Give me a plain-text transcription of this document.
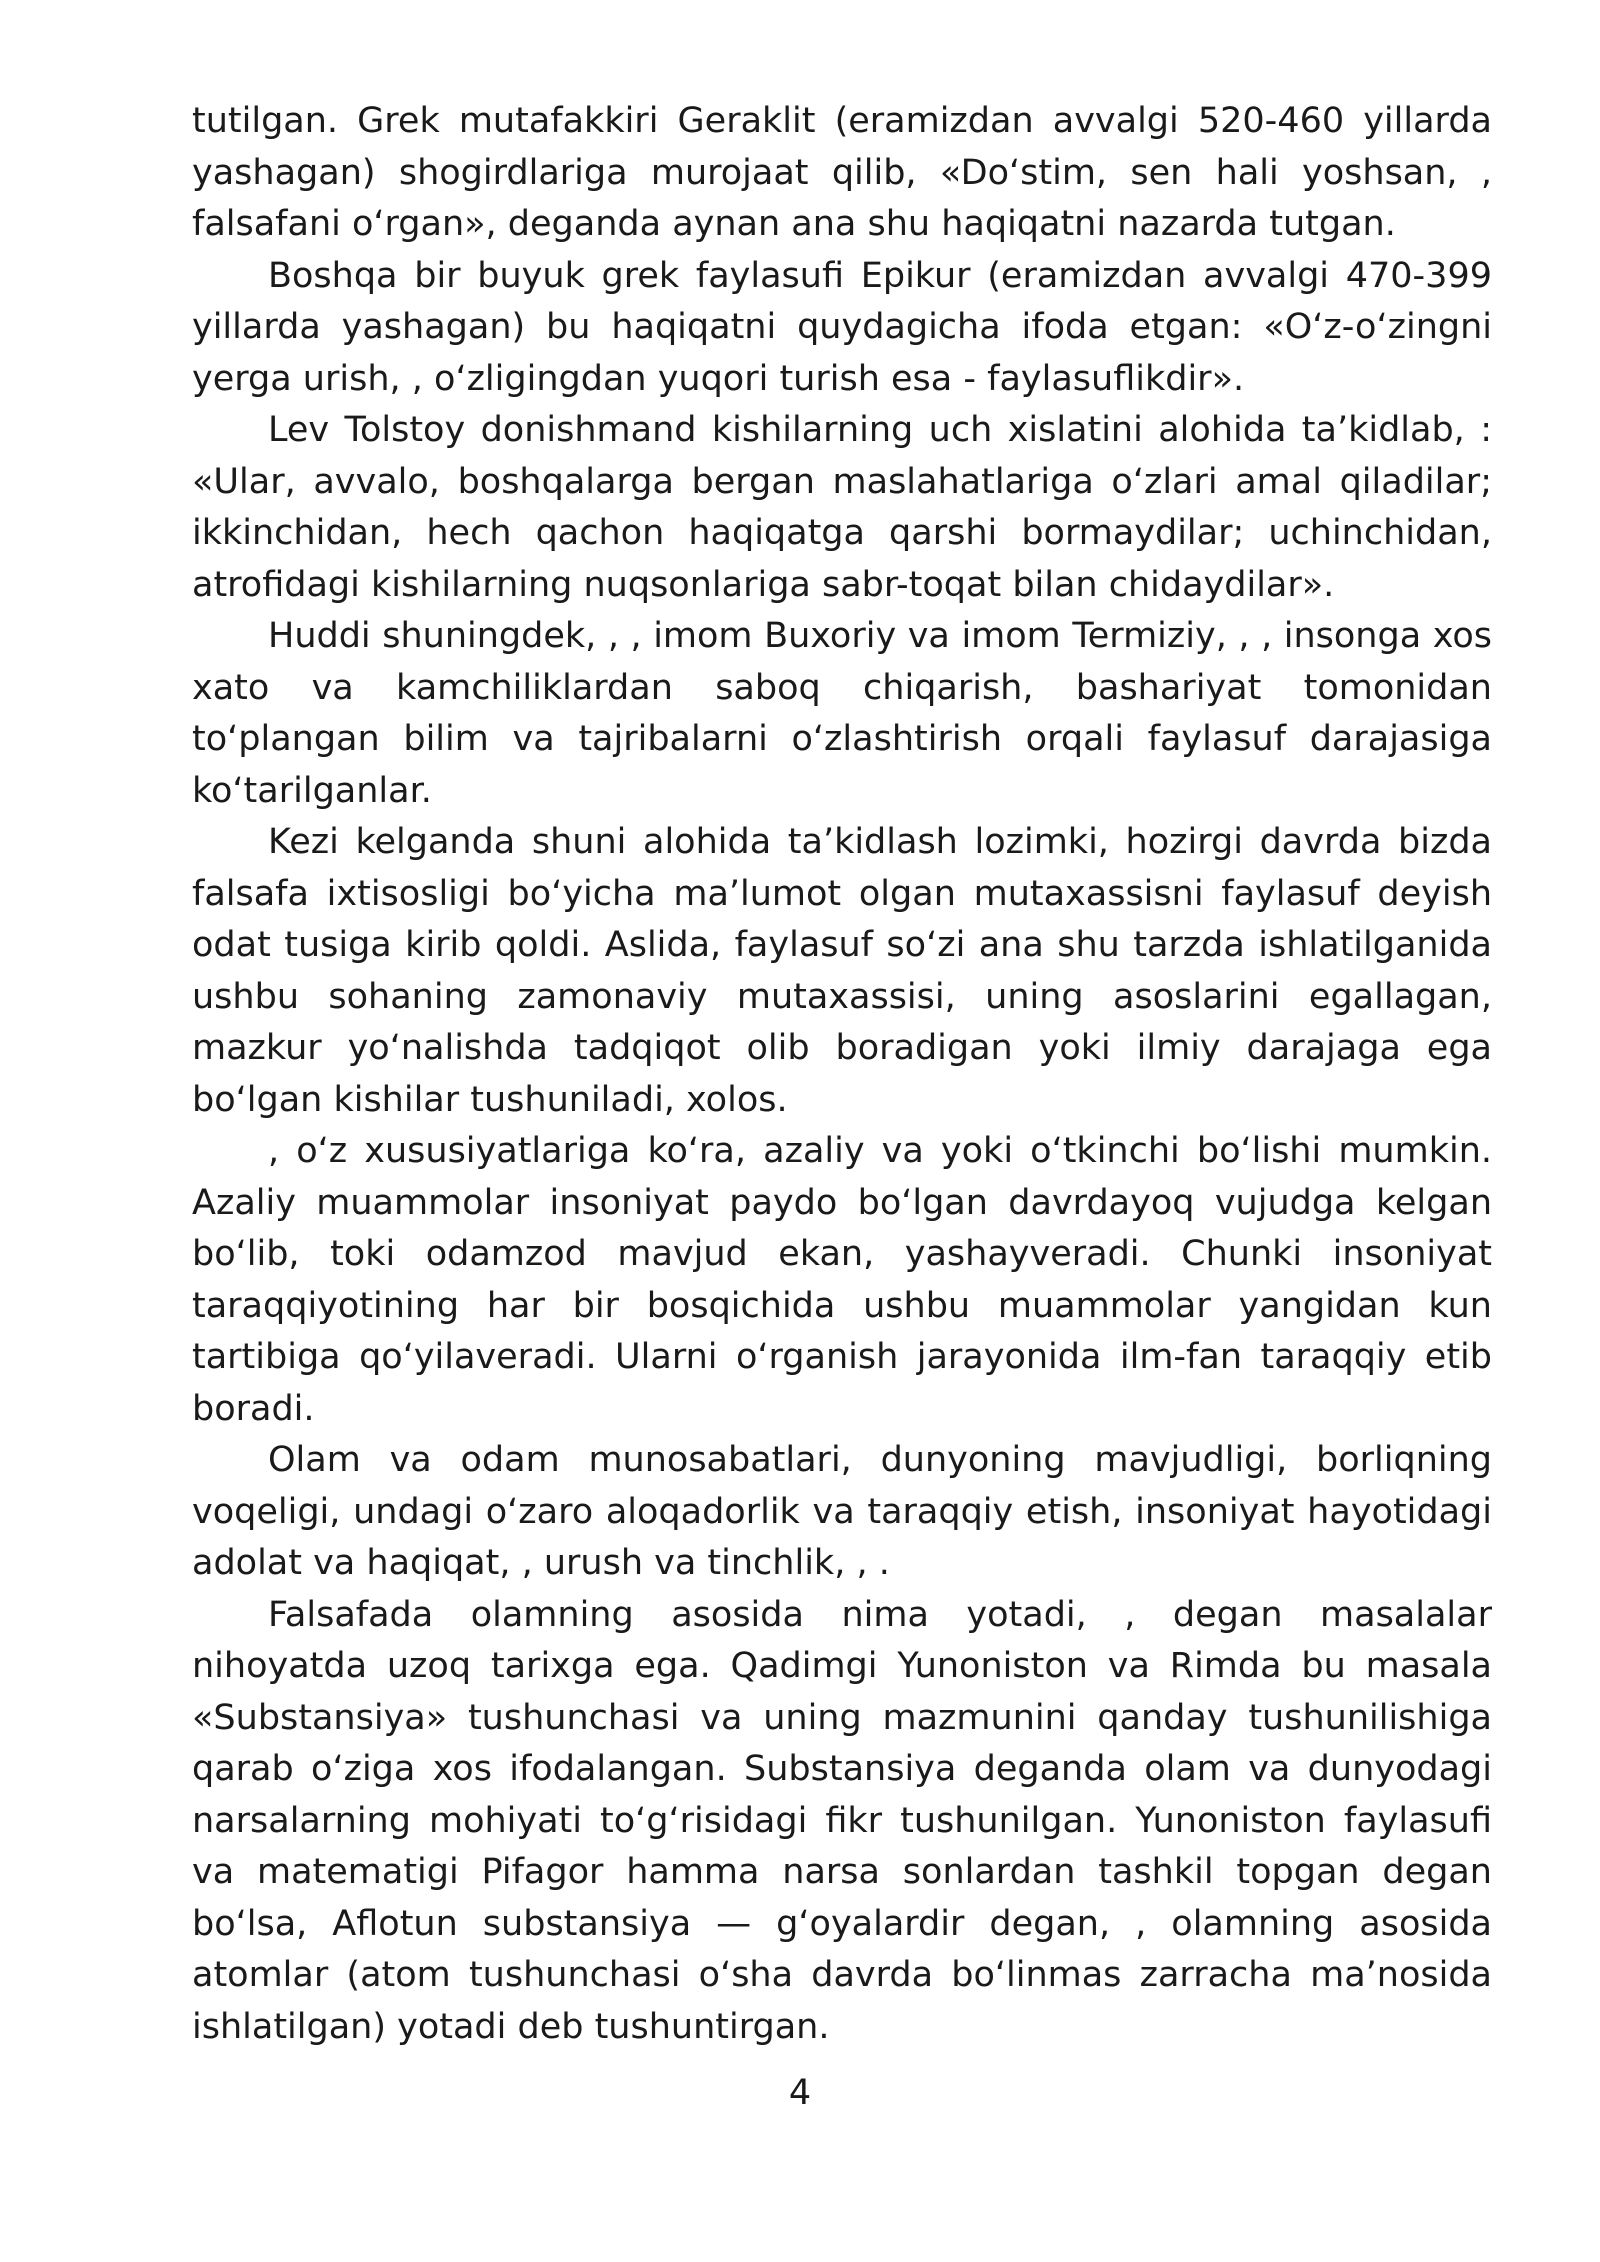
tutilgan. Grek mutafakkiri Geraklit (eramizdan avvalgi 520-460 yillarda yashagan) shogirdlariga murojaat qilib, «Do‘stim, sen hali yoshsan, , falsafani o‘rgan», deganda aynan ana shu haqiqatni nazarda tutgan.

Boshqa bir buyuk grek faylasufi Epikur (eramizdan avvalgi 470-399 yillarda yashagan) bu haqiqatni quydagicha ifoda etgan: «O‘z-o‘zingni yerga urish, , o‘zligingdan yuqori turish esa - faylasuflikdir».

Lev Tolstoy donishmand kishilarning uch xislatini alohida ta’kidlab, : «Ular, avvalo, boshqalarga bergan maslahatlariga o‘zlari amal qiladilar; ikkinchidan, hech qachon haqiqatga qarshi bormaydilar; uchinchidan, atrofidagi kishilarning nuqsonlariga sabr-toqat bilan chidaydilar».

Huddi shuningdek, , , imom Buxoriy va imom Termiziy, , , insonga xos xato va kamchiliklardan saboq chiqarish, bashariyat tomonidan to‘plangan bilim va tajribalarni o‘zlashtirish orqali faylasuf darajasiga ko‘tarilganlar.

Kezi kelganda shuni alohida ta’kidlash lozimki, hozirgi davrda bizda falsafa ixtisosligi bo‘yicha ma’lumot olgan mutaxassisni faylasuf deyish odat tusiga kirib qoldi. Aslida, faylasuf so‘zi ana shu tarzda ishlatilganida ushbu sohaning zamonaviy mutaxassisi, uning asoslarini egallagan, mazkur yo‘nalishda tadqiqot olib boradigan yoki ilmiy darajaga ega bo‘lgan kishilar tushuniladi, xolos.

, o‘z xususiyatlariga ko‘ra, azaliy va yoki o‘tkinchi bo‘lishi mumkin. Azaliy muammolar insoniyat paydo bo‘lgan davrdayoq vujudga kelgan bo‘lib, toki odamzod mavjud ekan, yashayveradi. Chunki insoniyat taraqqiyotining har bir bosqichida ushbu muammolar yangidan kun tartibiga qo‘yilaveradi. Ularni o‘rganish jarayonida ilm-fan taraqqiy etib boradi.

Olam va odam munosabatlari, dunyoning mavjudligi, borliqning voqeligi, undagi o‘zaro aloqadorlik va taraqqiy etish, insoniyat hayotidagi adolat va haqiqat, , urush va tinchlik, , .

Falsafada olamning asosida nima yotadi, , degan masalalar nihoyatda uzoq tarixga ega. Qadimgi Yunoniston va Rimda bu masala «Substansiya» tushunchasi va uning mazmunini qanday tushunilishiga qarab o‘ziga xos ifodalangan. Substansiya deganda olam va dunyodagi narsalarning mohiyati to‘g‘risidagi fikr tushunilgan. Yunoniston faylasufi va matematigi Pifagor hamma narsa sonlardan tashkil topgan degan bo‘lsa, Aflotun substansiya — g‘oyalardir degan, , olamning asosida atomlar (atom tushunchasi o‘sha davrda bo‘linmas zarracha ma’nosida ishlatilgan) yotadi deb tushuntirgan.

4
